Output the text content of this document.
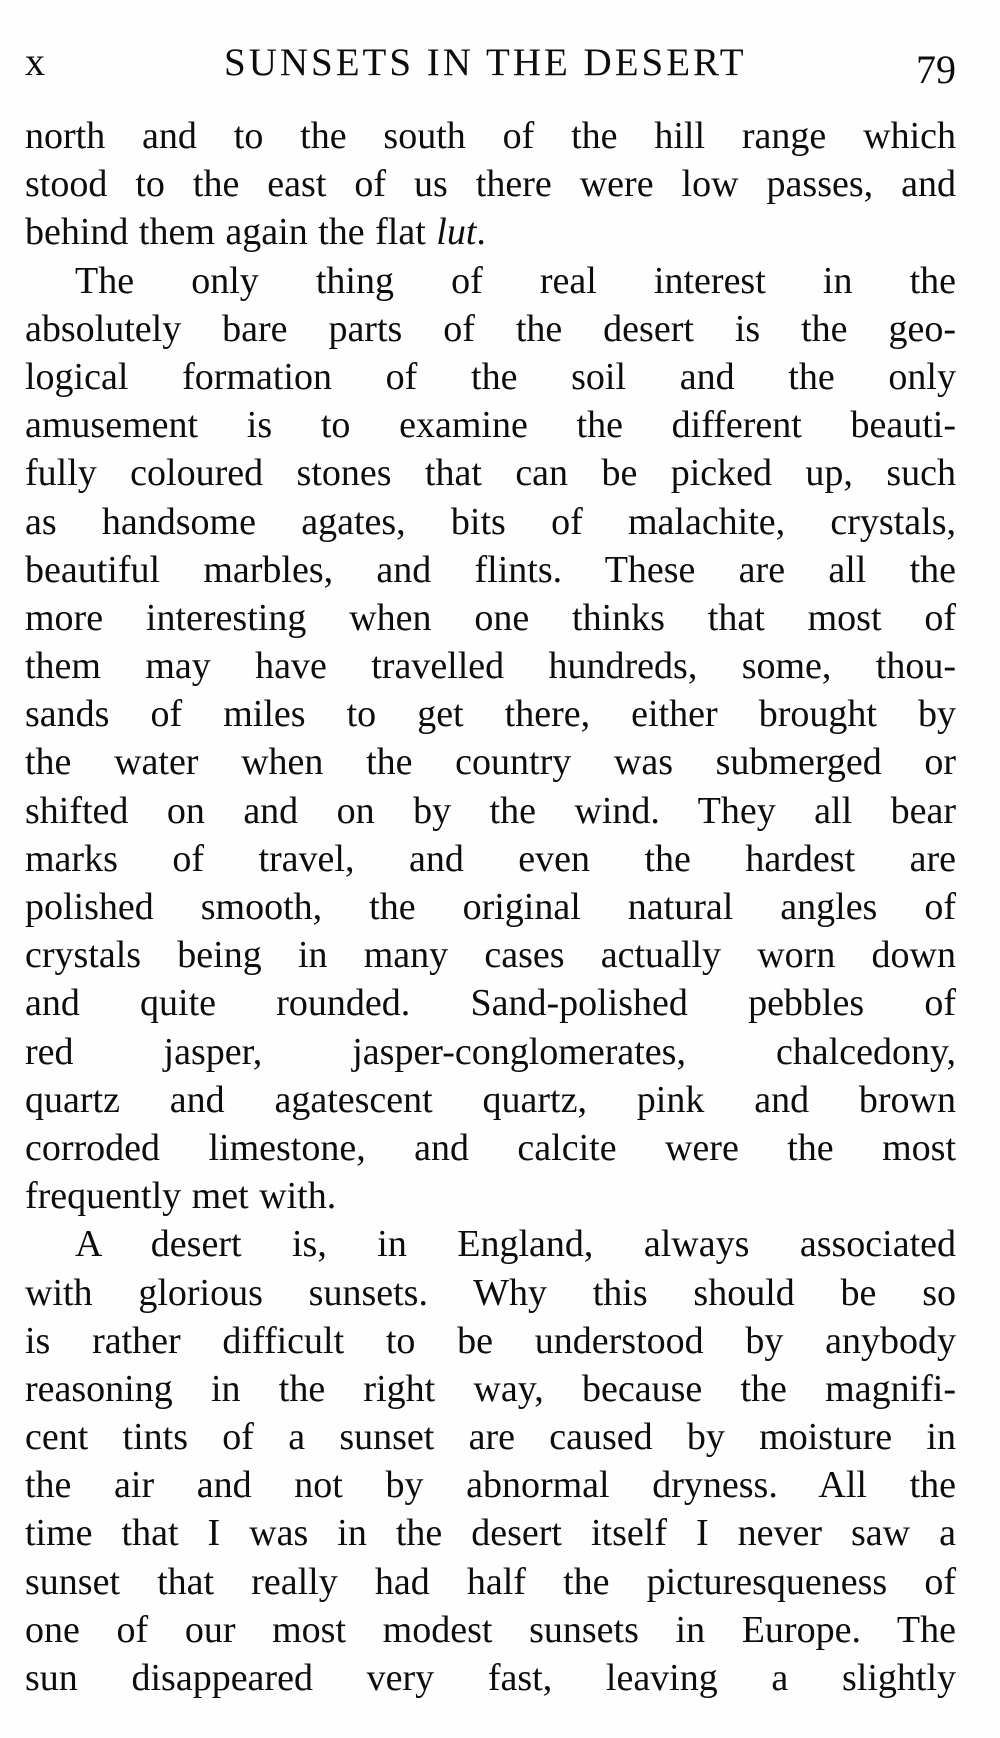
x	SUNSETS IN THE DESERT	79
north and to the south of the hill range which
stood to the east of us there were low passes, and
behind them again the flat lut.
The only thing of real interest in the
absolutely bare parts of the desert is the geo-
logical formation of the soil and the only
amusement is to examine the different beauti-
fully coloured stones that can be picked up, such
as handsome agates, bits of malachite, crystals,
beautiful marbles, and flints. These are all the
more interesting when one thinks that most of
them may have travelled hundreds, some, thou-
sands of miles to get there, either brought by
the water when the country was submerged or
shifted on and on by the wind. They all bear
marks of travel, and even the hardest are
polished smooth, the original natural angles of
crystals being in many cases actually worn down
and quite rounded. Sand-polished pebbles of
red jasper, jasper-conglomerates, chalcedony,
quartz and agatescent quartz, pink and brown
corroded limestone, and calcite were the most
frequently met with.
A desert is, in England, always associated
with glorious sunsets. Why this should be so
is rather difficult to be understood by anybody
reasoning in the right way, because the magnifi-
cent tints of a sunset are caused by moisture in
the air and not by abnormal dryness. All the
time that I was in the desert itself I never saw a
sunset that really had half the picturesqueness of
one of our most modest sunsets in Europe. The
sun disappeared very fast, leaving a slightly
